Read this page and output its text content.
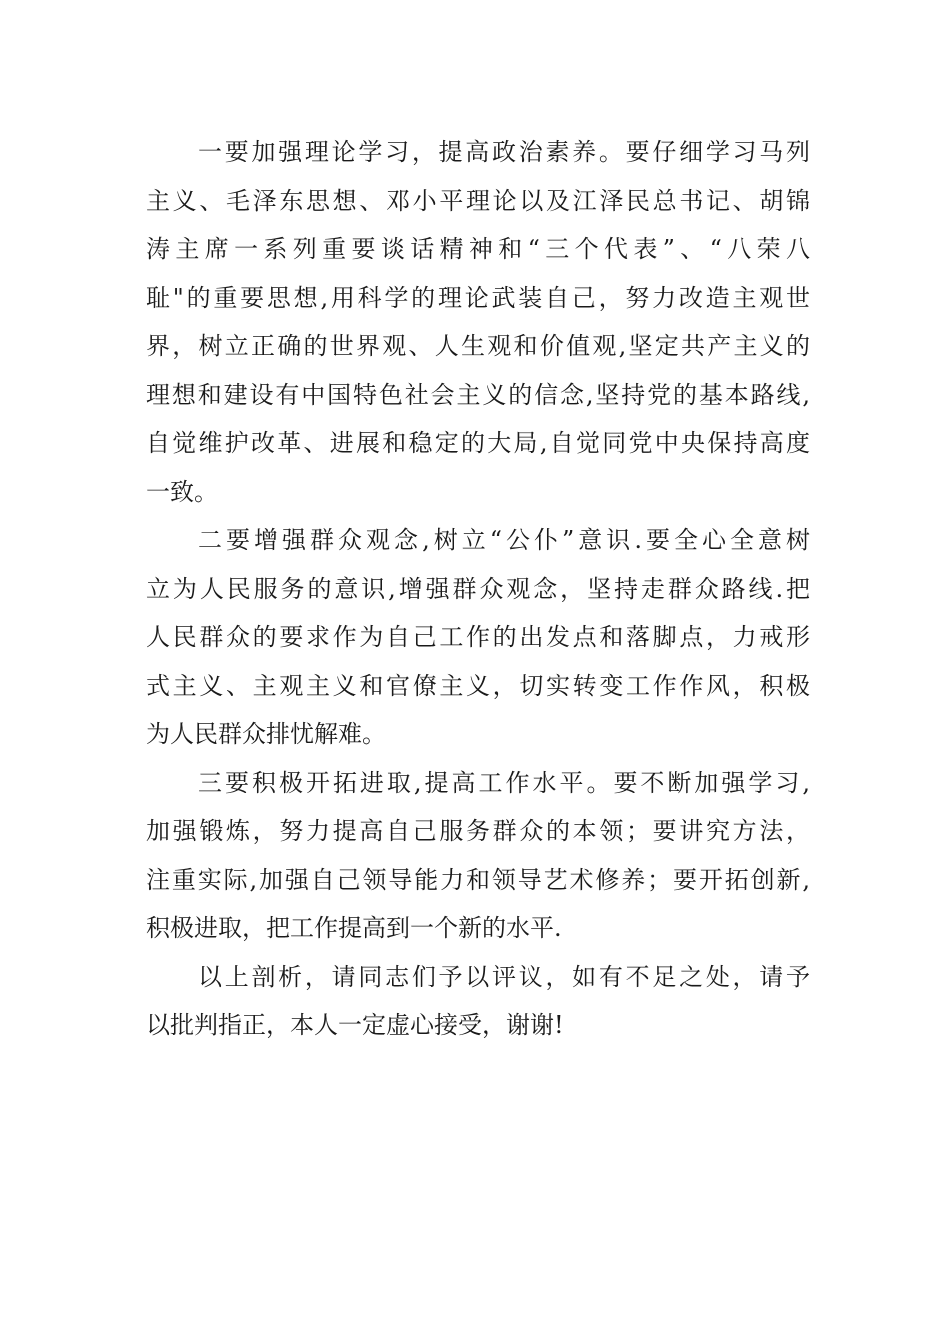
一要加强理论学习，提高政治素养。要仔细学习马列
主义、毛泽东思想、邓小平理论以及江泽民总书记、胡锦
涛主席一系列重要谈话精神和“三个代表”、“八荣八
耻"的重要思想,用科学的理论武装自己，努力改造主观世
界，树立正确的世界观、人生观和价值观,坚定共产主义的
理想和建设有中国特色社会主义的信念,坚持党的基本路线,
自觉维护改革、进展和稳定的大局,自觉同党中央保持高度
一致。
二要增强群众观念,树立“公仆”意识.要全心全意树
立为人民服务的意识,增强群众观念，坚持走群众路线.把
人民群众的要求作为自己工作的出发点和落脚点，力戒形
式主义、主观主义和官僚主义，切实转变工作作风，积极
为人民群众排忧解难。
三要积极开拓进取,提高工作水平。要不断加强学习,
加强锻炼，努力提高自己服务群众的本领；要讲究方法，
注重实际,加强自己领导能力和领导艺术修养；要开拓创新,
积极进取，把工作提高到一个新的水平.
以上剖析，请同志们予以评议，如有不足之处，请予
以批判指正，本人一定虚心接受，谢谢!
